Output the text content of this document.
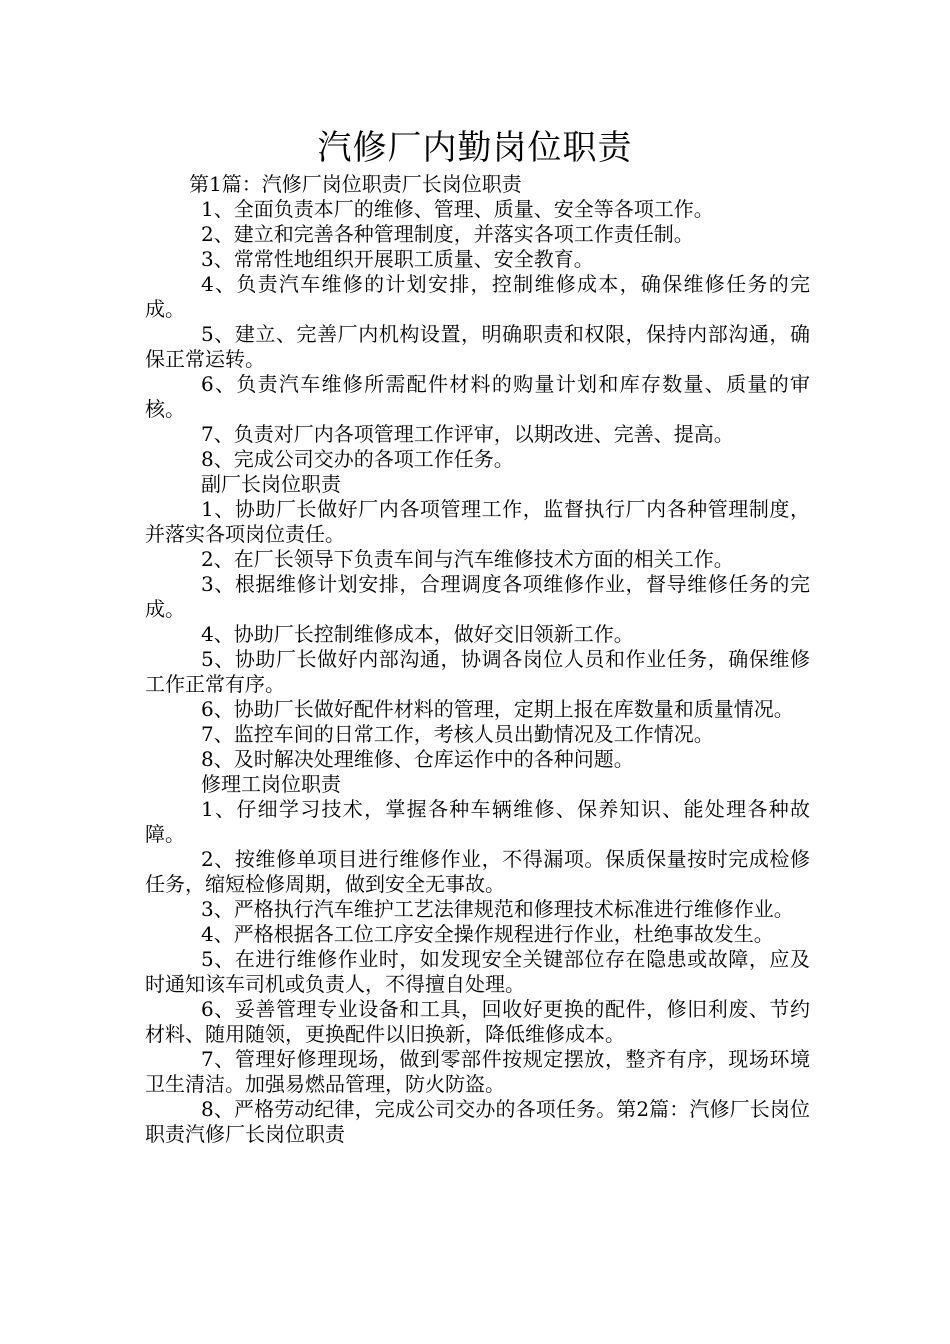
汽修厂内勤岗位职责

第1篇：汽修厂岗位职责厂长岗位职责

1、全面负责本厂的维修、管理、质量、安全等各项工作。

2、建立和完善各种管理制度，并落实各项工作责任制。

3、常常性地组织开展职工质量、安全教育。

4、负责汽车维修的计划安排，控制维修成本，确保维修任务的完成。

5、建立、完善厂内机构设置，明确职责和权限，保持内部沟通，确保正常运转。

6、负责汽车维修所需配件材料的购量计划和库存数量、质量的审核。

7、负责对厂内各项管理工作评审，以期改进、完善、提高。

8、完成公司交办的各项工作任务。

副厂长岗位职责

1、协助厂长做好厂内各项管理工作，监督执行厂内各种管理制度，并落实各项岗位责任。

2、在厂长领导下负责车间与汽车维修技术方面的相关工作。

3、根据维修计划安排，合理调度各项维修作业，督导维修任务的完成。

4、协助厂长控制维修成本，做好交旧领新工作。

5、协助厂长做好内部沟通，协调各岗位人员和作业任务，确保维修工作正常有序。

6、协助厂长做好配件材料的管理，定期上报在库数量和质量情况。

7、监控车间的日常工作，考核人员出勤情况及工作情况。

8、及时解决处理维修、仓库运作中的各种问题。

修理工岗位职责

1、仔细学习技术，掌握各种车辆维修、保养知识、能处理各种故障。

2、按维修单项目进行维修作业，不得漏项。保质保量按时完成检修任务，缩短检修周期，做到安全无事故。

3、严格执行汽车维护工艺法律规范和修理技术标准进行维修作业。

4、严格根据各工位工序安全操作规程进行作业，杜绝事故发生。

5、在进行维修作业时，如发现安全关键部位存在隐患或故障，应及时通知该车司机或负责人，不得擅自处理。

6、妥善管理专业设备和工具，回收好更换的配件，修旧利废、节约材料、随用随领，更换配件以旧换新，降低维修成本。

7、管理好修理现场，做到零部件按规定摆放，整齐有序，现场环境卫生清洁。加强易燃品管理，防火防盗。

8、严格劳动纪律，完成公司交办的各项任务。第2篇：汽修厂长岗位职责汽修厂长岗位职责
